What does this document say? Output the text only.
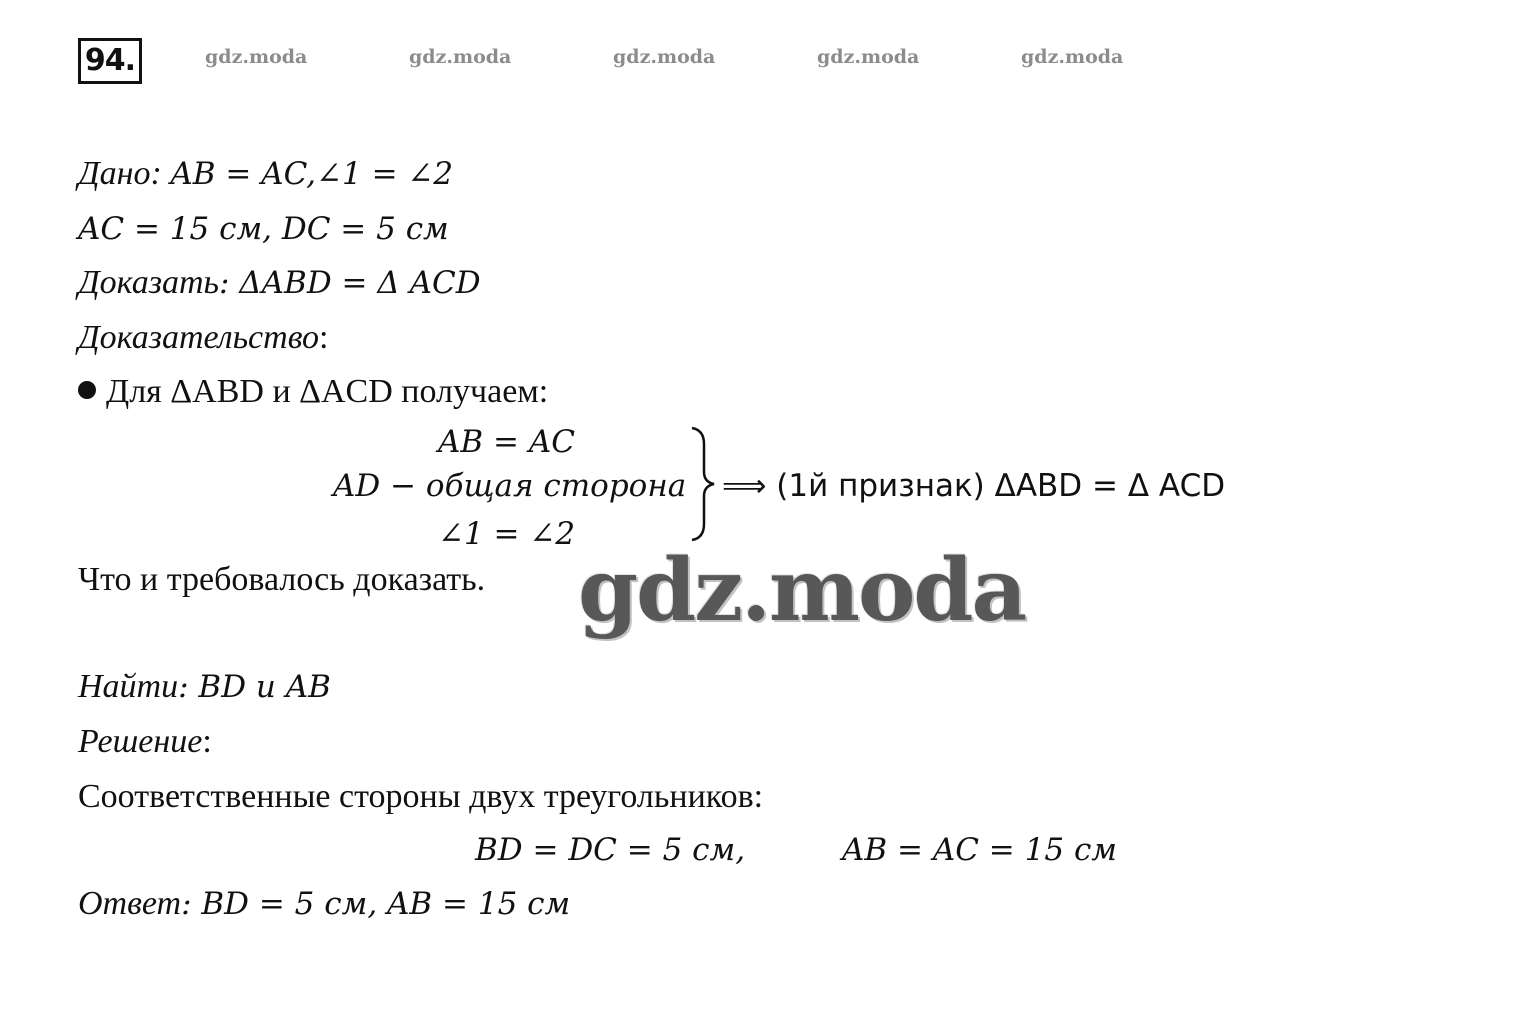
94.	gdz.moda	gdz.moda	gdz.moda	gdz.moda	gdz.moda
Дано: AB = AC,∠1 = ∠2
AC = 15 см, DC = 5 см
Доказать: ΔABD = Δ ACD
Доказательство:
Для ΔABD и ΔACD получаем:
AB = AC
AD − общая сторона
∠1 = ∠2
⟹ (1й признак) ΔABD = Δ ACD
Что и требовалось доказать. gdz.moda
Найти: BD и AB
Решение:
Соответственные стороны двух треугольников:
BD = DC = 5 см,	AB = AC = 15 см
Ответ: BD = 5 см, AB = 15 см
